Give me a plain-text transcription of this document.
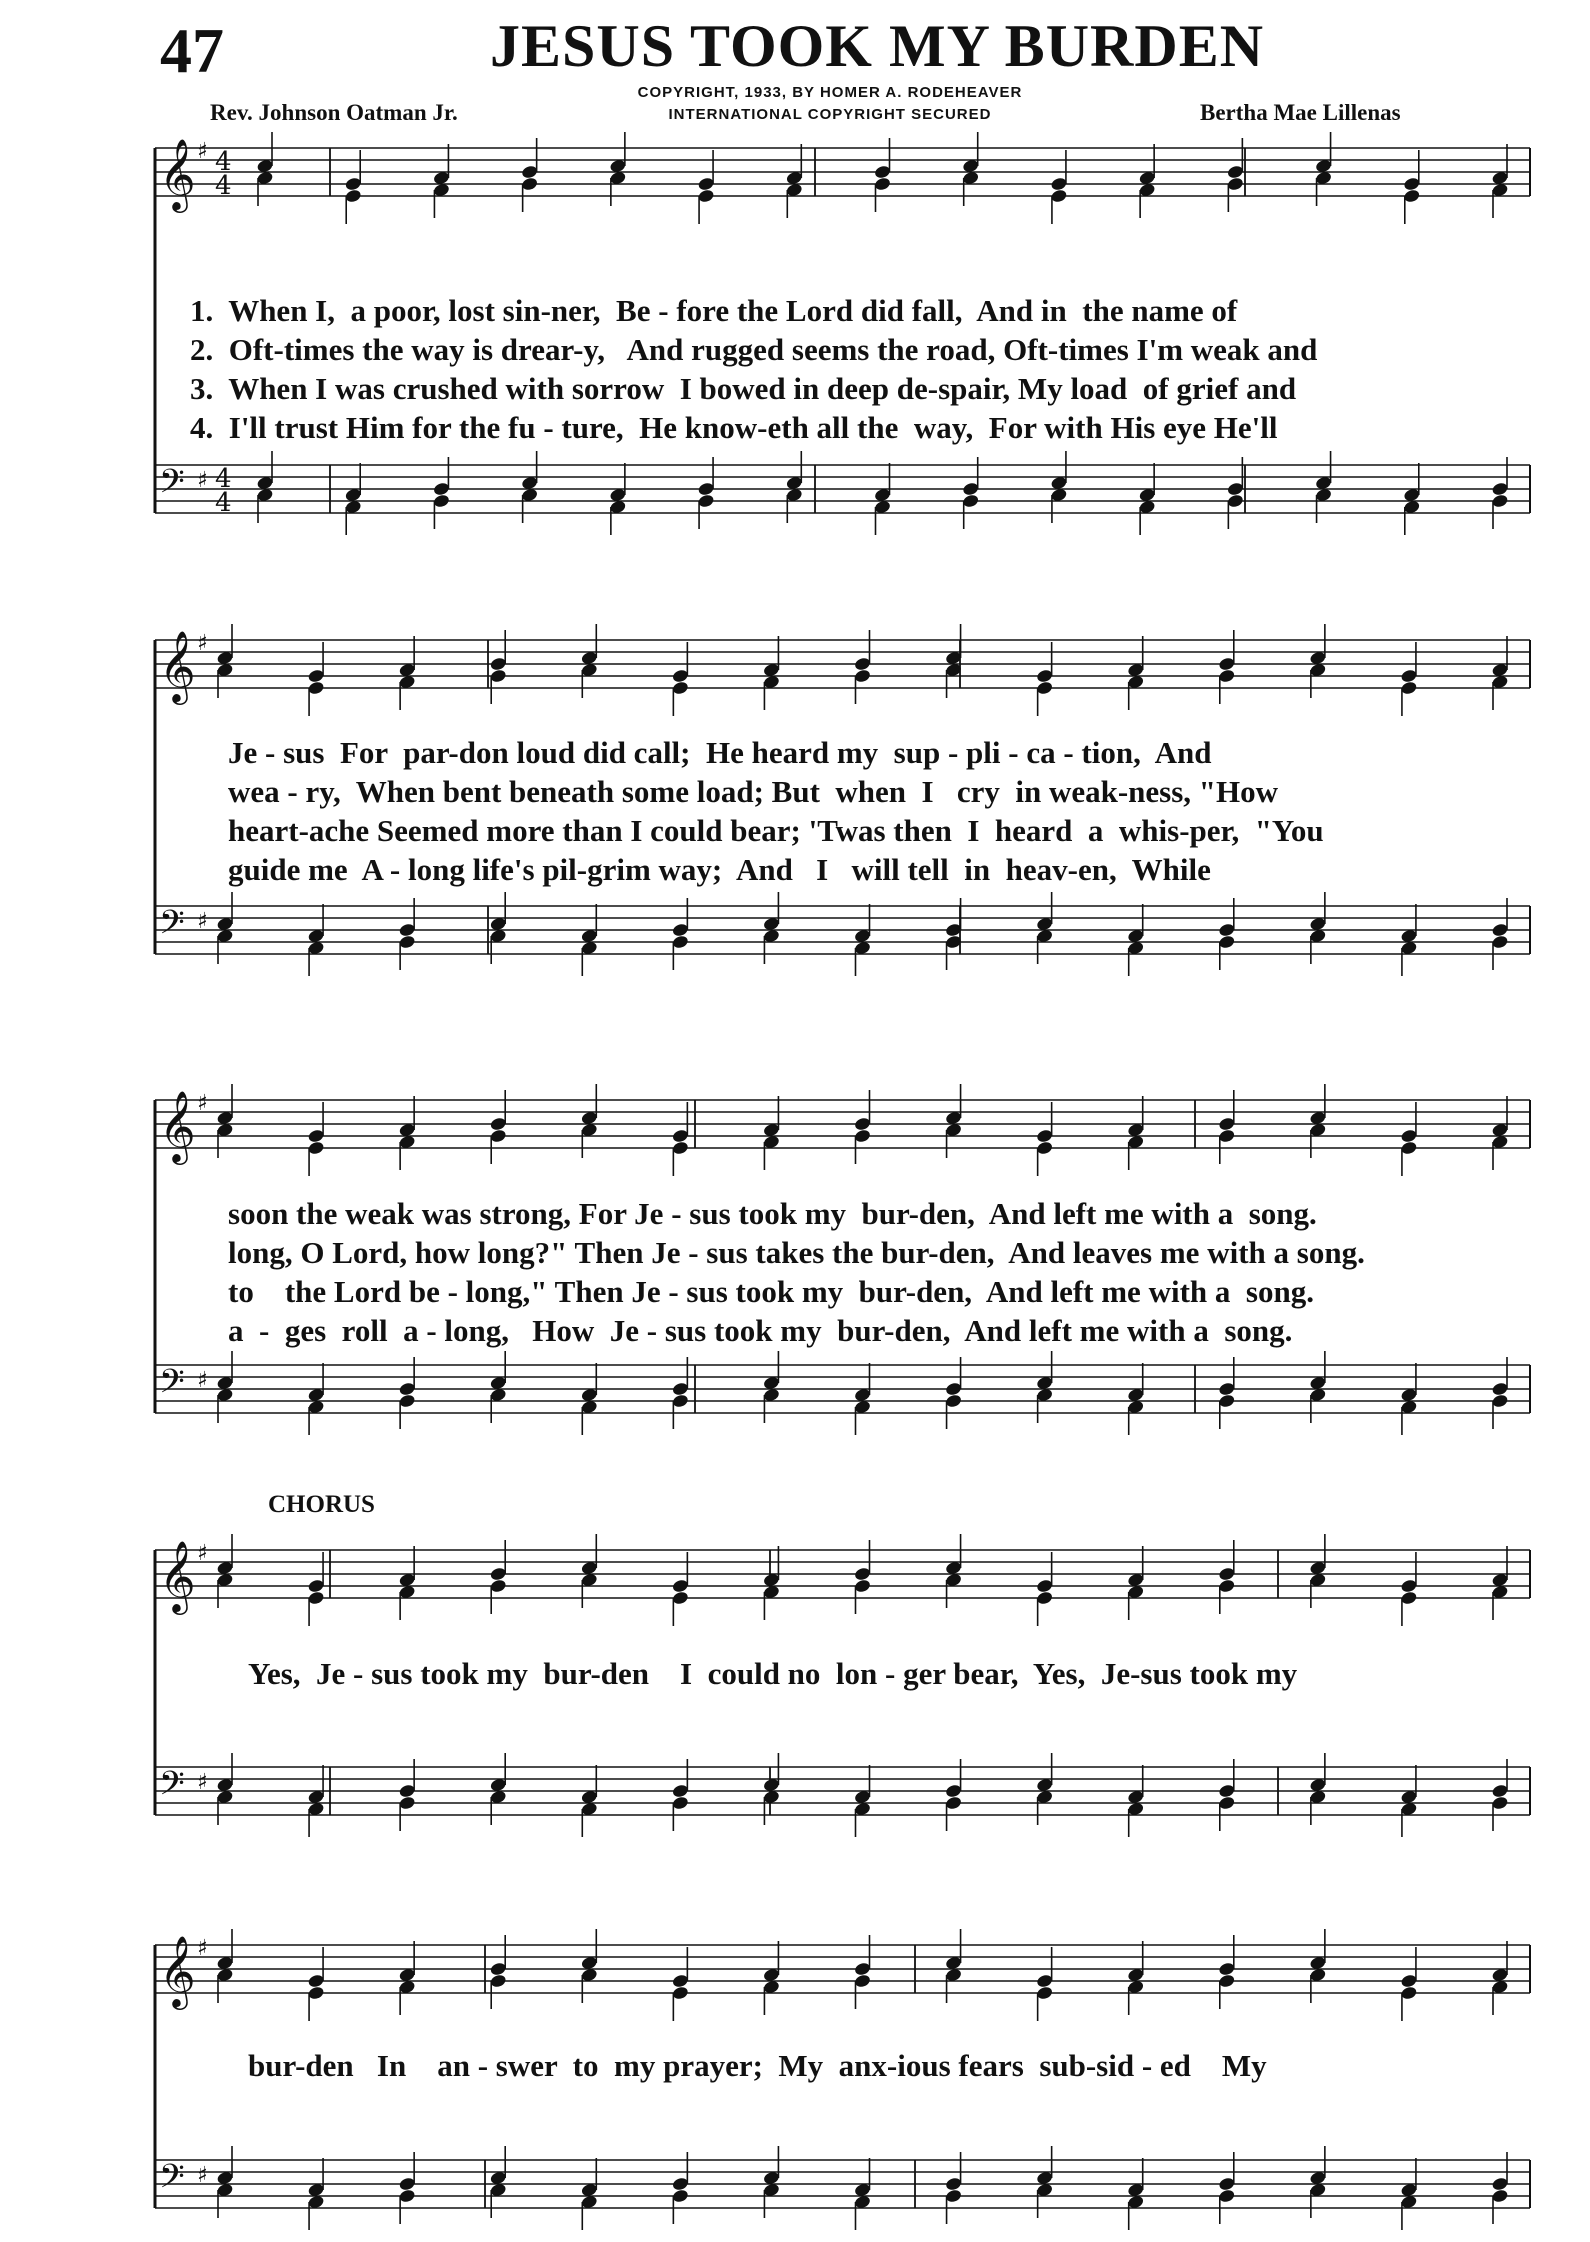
47	JESUS TOOK MY BURDEN
COPYRIGHT, 1933, BY HOMER A. RODEHEAVER
INTERNATIONAL COPYRIGHT SECURED
Rev. Johnson Oatman Jr.	Bertha Mae Lillenas
CHORUS
𝄞 ♯ 4
4
𝄢 ♯ 4
4
𝄞 ♯
𝄢 ♯
𝄞 ♯
𝄢 ♯
𝄞 ♯
𝄢 ♯
𝄞 ♯
𝄢 ♯
1.  When I,  a poor, lost sin-ner,  Be - fore the Lord did fall,  And in  the name of
2.  Oft-times the way is drear-y,   And rugged seems the road, Oft-times I'm weak and
3.  When I was crushed with sorrow  I bowed in deep de-spair, My load  of grief and
4.  I'll trust Him for the fu - ture,  He know-eth all the  way,  For with His eye He'll
Je - sus  For  par-don loud did call;  He heard my  sup - pli - ca - tion,  And
wea - ry,  When bent beneath some load; But  when  I   cry  in weak-ness, "How
heart-ache Seemed more than I could bear; 'Twas then  I  heard  a  whis-per,  "You
guide me  A - long life's pil-grim way;  And   I   will tell  in  heav-en,  While
soon the weak was strong, For Je - sus took my  bur-den,  And left me with a  song.
long, O Lord, how long?" Then Je - sus takes the bur-den,  And leaves me with a song.
to    the Lord be - long," Then Je - sus took my  bur-den,  And left me with a  song.
a  -  ges  roll  a - long,   How  Je - sus took my  bur-den,  And left me with a  song.
Yes,  Je - sus took my  bur-den    I  could no  lon - ger bear,  Yes,  Je-sus took my
bur-den   In    an - swer  to  my prayer;  My  anx-ious fears  sub-sid - ed    My
